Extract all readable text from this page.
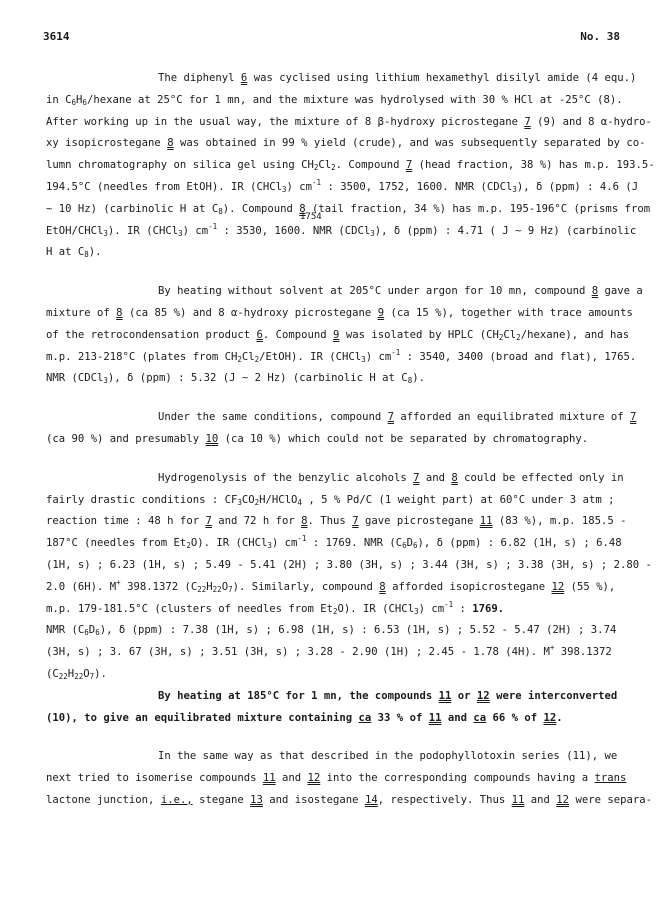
3614	No. 38
The diphenyl 6 was cyclised using lithium hexamethyl disilyl amide (4 equ.)
in $C_6H_6$/hexane at 25°C for 1 mn, and the mixture was hydrolysed with 30 % HCl at -25°C (8).
After working up in the usual way, the mixture of 8 β-hydroxy picrostegane 7 (9) and 8 α-hydro-
xy isopicrostegane 8 was obtained in 99 % yield (crude), and was subsequently separated by co-
lumn chromatography on silica gel using $CH_2Cl_2$. Compound 7 (head fraction, 38 %) has m.p. 193.5-
194.5°C (needles from EtOH). IR (CHCl$_3$) $cm^{-1}$ : 3500, 1752, 1600. NMR (CDCl$_3$), δ (ppm) : 4.6 (J
∼ 10 Hz) (carbinolic H at $C_8$). Compound 8 (tail fraction, 34 %) has m.p. 195-196°C (prisms from
1754
EtOH/CHCl$_3$). IR (CHCl$_3$) $cm^{-1}$ : 3530, 1600. NMR (CDCl$_3$), δ (ppm) : 4.71 ( J ∼ 9 Hz) (carbinolic
H at $C_8$).
By heating without solvent at 205°C under argon for 10 mn, compound 8 gave a
mixture of 8 (ca 85 %) and 8 α-hydroxy picrostegane 9 (ca 15 %), together with trace amounts
of the retrocondensation product 6. Compound 9 was isolated by HPLC $(CH_2Cl_2/hexane)$, and has
m.p. 213-218°C (plates from $CH_2Cl_2/EtOH$). IR (CHCl$_3$) $cm^{-1}$ : 3540, 3400 (broad and flat), 1765.
NMR (CDCl$_3$), δ (ppm) : 5.32 (J ∼ 2 Hz) (carbinolic H at $C_8$).
Under the same conditions, compound 7 afforded an equilibrated mixture of 7
(ca 90 %) and presumably 10 (ca 10 %) which could not be separated by chromatography.
Hydrogenolysis of the benzylic alcohols 7 and 8 could be effected only in
fairly drastic conditions : $CF_3CO_2H/HClO_4$ , 5 % Pd/C (1 weight part) at 60°C under 3 atm ;
reaction time : 48 h for 7 and 72 h for 8. Thus 7 gave picrostegane 11 (83 %), m.p. 185.5 -
187°C (needles from $Et_2O$). IR (CHCl$_3$) $cm^{-1}$ : 1769. NMR $(C_6D_6)$, δ (ppm) : 6.82 (1H, s) ; 6.48
(1H, s) ; 6.23 (1H, s) ; 5.49 - 5.41 (2H) ; 3.80 (3H, s) ; 3.44 (3H, s) ; 3.38 (3H, s) ; 2.80 -
2.0 (6H). M+ 398.1372 $(C_{22}H_{22}O_7)$. Similarly, compound 8 afforded isopicrostegane 12 (55 %),
m.p. 179-181.5°C (clusters of needles from $Et_2O$). IR (CHCl$_3$) $cm^{-1}$ : 1769.
NMR $(C_6D_6)$, δ (ppm) : 7.38 (1H, s) ; 6.98 (1H, s) : 6.53 (1H, s) ; 5.52 - 5.47 (2H) ; 3.74
(3H, s) ; 3. 67 (3H, s) ; 3.51 (3H, s) ; 3.28 - 2.90 (1H) ; 2.45 - 1.78 (4H). M+ 398.1372
$(C_{22}H_{22}O_7)$.
By heating at 185°C for 1 mn, the compounds 11 or 12 were interconverted
(10), to give an equilibrated mixture containing ca 33 % of 11 and ca 66 % of 12.
In the same way as that described in the podophyllotoxin series (11), we
next tried to isomerise compounds 11 and 12 into the corresponding compounds having a trans
lactone junction, i.e., stegane 13 and isostegane 14, respectively. Thus 11 and 12 were separa-
